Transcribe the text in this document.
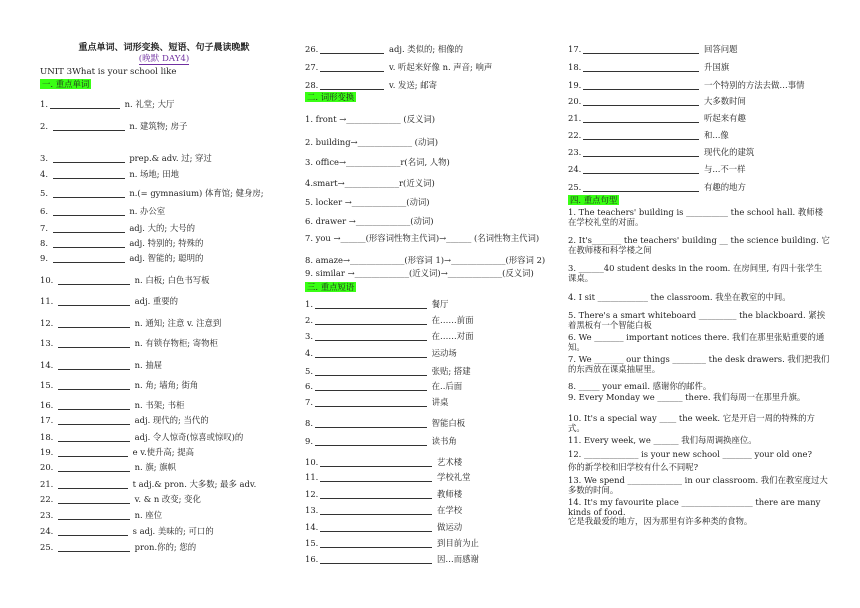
重点单词、词形变换、短语、句子晨读晚默
(晚默 DAY4)
UNIT 3What is your school like
一. 重点单词
1.	n. 礼堂; 大厅
2.	n. 建筑物; 房子
3.	prep.& adv. 过; 穿过
4.	n. 场地; 田地
5.	n.(= gymnasium) 体育馆; 健身房;
6.	n. 办公室
7.	adj. 大的; 大号的
8.	adj. 特别的; 特殊的
9.	adj. 智能的; 聪明的
10.	n. 白板; 白色书写板
11.	adj. 重要的
12.	n. 通知; 注意 v. 注意到
13.	n. 有锁存物柜; 寄物柜
14.	n. 抽屉
15.	n. 角; 墙角; 街角
16.	n. 书架; 书柜
17.	adj. 现代的; 当代的
18.	adj. 令人惊奇(惊喜或惊叹)的
19.	e v.使升高; 提高
20.	n. 旗; 旗帜
21.	t adj.& pron. 大多数; 最多 adv.
22.	v. & n 改变; 变化
23.	n. 座位
24.	s adj. 美味的; 可口的
25.	pron.你的; 您的
26.	adj. 类似的; 相像的
27.	v. 听起来好像 n. 声音; 响声
28.	v. 发送; 邮寄
二. 词形变换
1. front →_____________ (反义词)
2. building→_____________ (动词)
3. office→_____________r(名词, 人物)
4.smart→_____________r(近义词)
5. locker →_____________(动词)
6. drawer →_____________(动词)
7. you →______(形容词性物主代词)→______ (名词性物主代词)
8. amaze→_____________(形容词 1)→_____________(形容词 2)
9. similar →_____________(近义词)→_____________(反义词)
三. 重点短语
1.	餐厅
2.	在……前面
3.	在……对面
4.	运动场
5.	张贴; 搭建
6.	在..后面
7.	讲桌
8.	智能白板
9.	读书角
10.	艺术楼
11.	学校礼堂
12.	教师楼
13.	在学校
14.	做运动
15.	到目前为止
16.	因…而感谢
17.	回答问题
18.	升国旗
19.	一个特别的方法去做…事情
20.	大多数时间
21.	听起来有趣
22.	和...像
23.	现代化的建筑
24.	与...不一样
25.	有趣的地方
四. 重点句型
1. The teachers' building is __________ the school hall. 教师楼在学校礼堂的对面。
2. It's_______ the teachers' building __ the science building. 它在教师楼和科学楼之间
3. ______40 student desks in the room. 在房间里, 有四十张学生课桌。
4. I sit ____________ the classroom. 我坐在教室的中间。
5. There's a smart whiteboard _________ the blackboard. 紧挨着黑板有一个智能白板
6. We _______ important notices there. 我们在那里张贴重要的通知。
7. We _______ our things ________ the desk drawers. 我们把我们的东西放在课桌抽屉里。
8. _____ your email. 感谢你的邮件。
9. Every Monday we ______ there. 我们每周一在那里升旗。
10. It's a special way ____ the week. 它是开启一周的特殊的方式。
11. Every week, we ______ 我们每周调换座位。
12. _____________ is your new school _______ your old one?
你的新学校和旧学校有什么不同呢?
13. We spend _____________ in our classroom. 我们在教室度过大多数的时间。
14. It's my favourite place _________________ there are many kinds of food.
它是我最爱的地方，因为那里有许多种类的食物。
